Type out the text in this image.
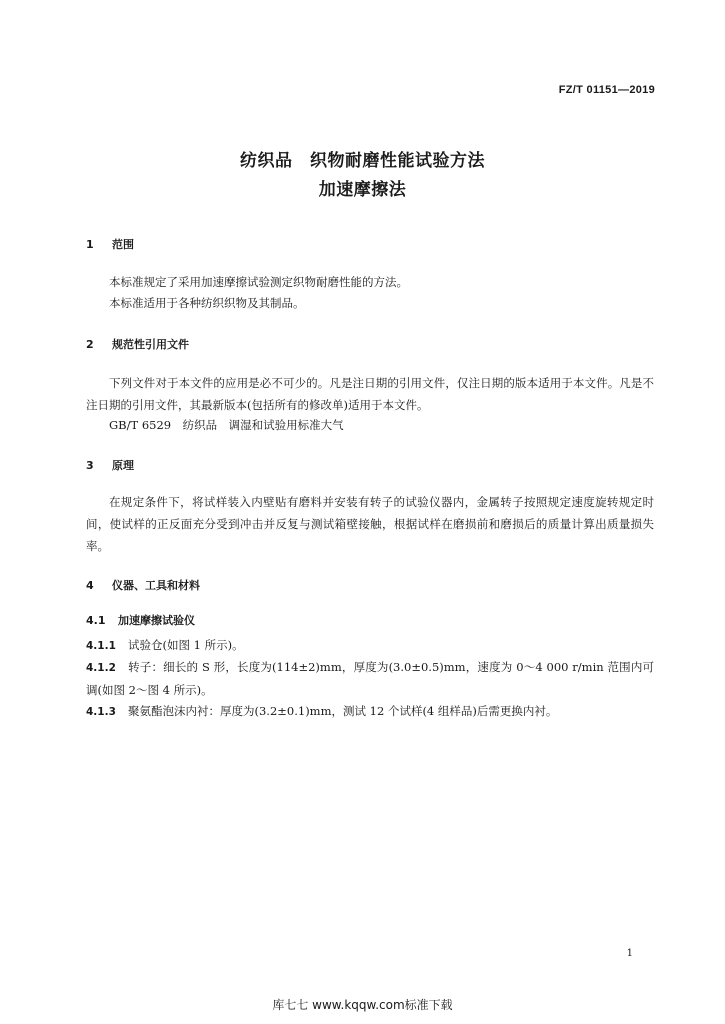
FZ/T 01151—2019
纺织品　织物耐磨性能试验方法
加速摩擦法
1 范围
本标准规定了采用加速摩擦试验测定织物耐磨性能的方法。
本标准适用于各种纺织织物及其制品。
2 规范性引用文件
下列文件对于本文件的应用是必不可少的。凡是注日期的引用文件，仅注日期的版本适用于本文件。凡是不注日期的引用文件，其最新版本(包括所有的修改单)适用于本文件。
GB/T 6529　纺织品　调湿和试验用标准大气
3 原理
在规定条件下，将试样装入内壁贴有磨料并安装有转子的试验仪器内，金属转子按照规定速度旋转规定时间，使试样的正反面充分受到冲击并反复与测试箱壁接触，根据试样在磨损前和磨损后的质量计算出质量损失率。
4 仪器、工具和材料
4.1 加速摩擦试验仪
4.1.1 试验仓(如图 1 所示)。
4.1.2 转子：细长的 S 形，长度为(114±2)mm，厚度为(3.0±0.5)mm，速度为 0～4 000 r/min 范围内可调(如图 2～图 4 所示)。
4.1.3 聚氨酯泡沫内衬：厚度为(3.2±0.1)mm，测试 12 个试样(4 组样品)后需更换内衬。
1
库七七 www.kqqw.com标准下载
